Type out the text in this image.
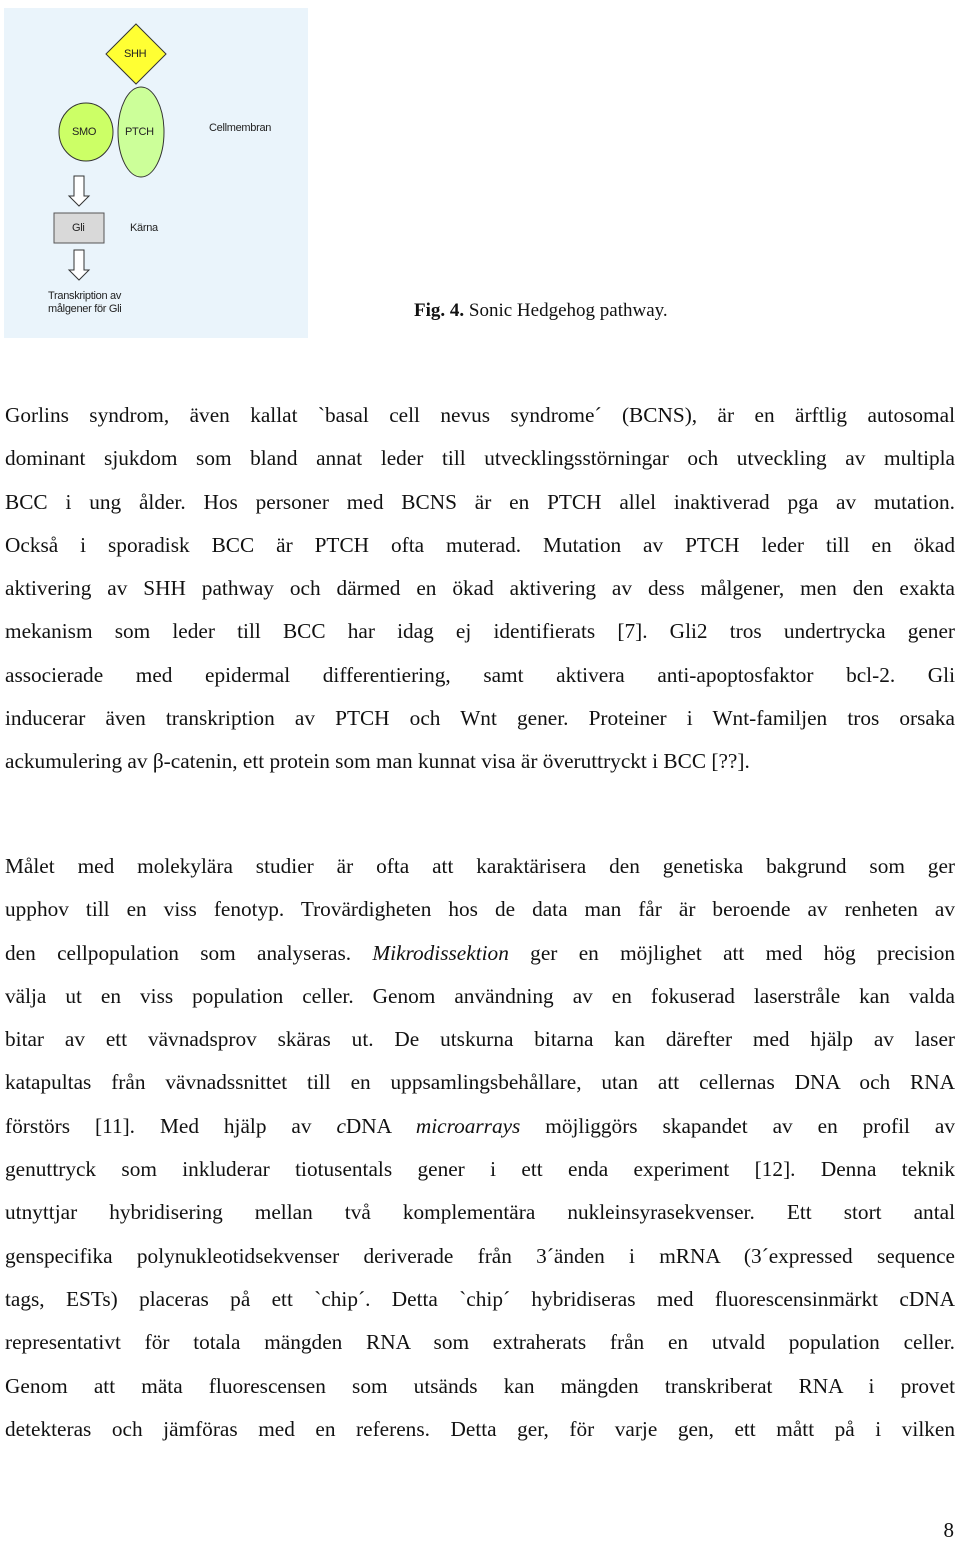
SHH
SMO	PTCH	Cellmembran
Gli	Kärna
Transkription av
målgener för Gli	Fig. 4. Sonic Hedgehog pathway.
Gorlins syndrom, även kallat `basal cell nevus syndrome´ (BCNS), är en ärftlig autosomal
dominant sjukdom som bland annat leder till utvecklingsstörningar och utveckling av multipla
BCC i ung ålder. Hos personer med BCNS är en PTCH allel inaktiverad pga av mutation.
Också i sporadisk BCC är PTCH ofta muterad. Mutation av PTCH leder till en ökad
aktivering av SHH pathway och därmed en ökad aktivering av dess målgener, men den exakta
mekanism som leder till BCC har idag ej identifierats [7]. Gli2 tros undertrycka gener
associerade med epidermal differentiering, samt aktivera anti-apoptosfaktor bcl-2. Gli
inducerar även transkription av PTCH och Wnt gener. Proteiner i Wnt-familjen tros orsaka
ackumulering av β-catenin, ett protein som man kunnat visa är överuttryckt i BCC [??].
Målet med molekylära studier är ofta att karaktärisera den genetiska bakgrund som ger
upphov till en viss fenotyp. Trovärdigheten hos de data man får är beroende av renheten av
den cellpopulation som analyseras. Mikrodissektion ger en möjlighet att med hög precision
välja ut en viss population celler. Genom användning av en fokuserad laserstråle kan valda
bitar av ett vävnadsprov skäras ut. De utskurna bitarna kan därefter med hjälp av laser
katapultas från vävnadssnittet till en uppsamlingsbehållare, utan att cellernas DNA och RNA
förstörs [11]. Med hjälp av cDNA microarrays möjliggörs skapandet av en profil av
genuttryck som inkluderar tiotusentals gener i ett enda experiment [12]. Denna teknik
utnyttjar hybridisering mellan två komplementära nukleinsyrasekvenser. Ett stort antal
genspecifika polynukleotidsekvenser deriverade från 3´änden i mRNA (3´expressed sequence
tags, ESTs) placeras på ett `chip´. Detta `chip´ hybridiseras med fluorescensinmärkt cDNA
representativt för totala mängden RNA som extraherats från en utvald population celler.
Genom att mäta fluorescensen som utsänds kan mängden transkriberat RNA i provet
detekteras och jämföras med en referens. Detta ger, för varje gen, ett mått på i vilken
8
